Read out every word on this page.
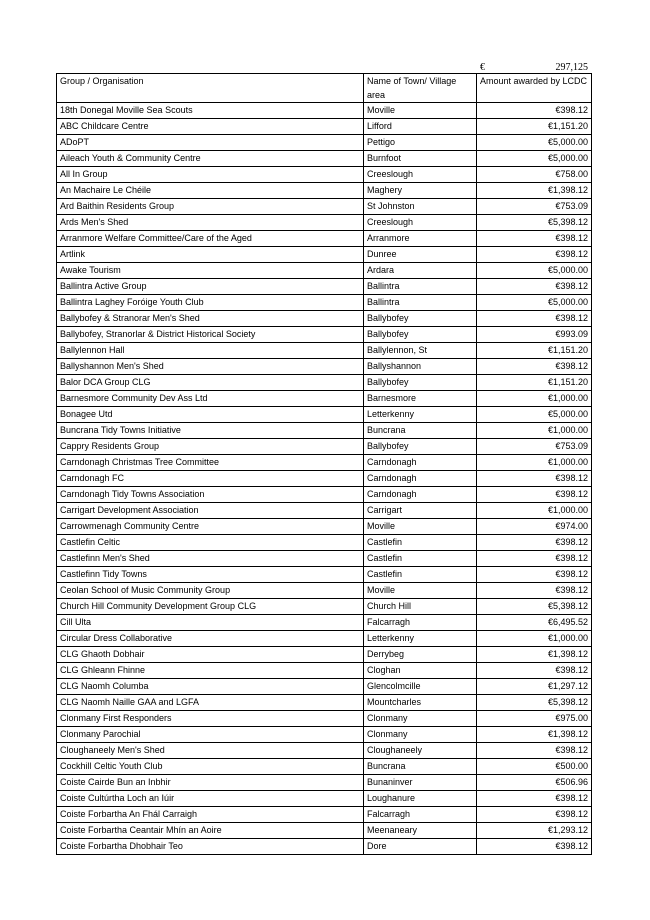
€	297,125
Group / Organisation	Name of Town/ Village area	Amount awarded by LCDC
18th Donegal Moville Sea Scouts	Moville	€398.12
ABC Childcare Centre	Lifford	€1,151.20
ADoPT	Pettigo	€5,000.00
Aileach Youth & Community Centre	Burnfoot	€5,000.00
All In Group	Creeslough	€758.00
An Machaire Le Chéile	Maghery	€1,398.12
Ard Baithin Residents Group	St Johnston	€753.09
Ards Men's Shed	Creeslough	€5,398.12
Arranmore Welfare Committee/Care of the Aged	Arranmore	€398.12
Artlink	Dunree	€398.12
Awake Tourism	Ardara	€5,000.00
Ballintra Active Group	Ballintra	€398.12
Ballintra Laghey Foróige Youth Club	Ballintra	€5,000.00
Ballybofey & Stranorar Men's Shed	Ballybofey	€398.12
Ballybofey, Stranorlar & District Historical Society	Ballybofey	€993.09
Ballylennon Hall	Ballylennon, St	€1,151.20
Ballyshannon Men's Shed	Ballyshannon	€398.12
Balor DCA Group CLG	Ballybofey	€1,151.20
Barnesmore Community Dev Ass Ltd	Barnesmore	€1,000.00
Bonagee Utd	Letterkenny	€5,000.00
Buncrana Tidy Towns Initiative	Buncrana	€1,000.00
Cappry Residents Group	Ballybofey	€753.09
Carndonagh Christmas Tree Committee	Carndonagh	€1,000.00
Carndonagh FC	Carndonagh	€398.12
Carndonagh Tidy Towns Association	Carndonagh	€398.12
Carrigart Development Association	Carrigart	€1,000.00
Carrowmenagh Community Centre	Moville	€974.00
Castlefin Celtic	Castlefin	€398.12
Castlefinn Men's Shed	Castlefin	€398.12
Castlefinn Tidy Towns	Castlefin	€398.12
Ceolan School of Music Community Group	Moville	€398.12
Church Hill Community Development Group CLG	Church Hill	€5,398.12
Cill Ulta	Falcarragh	€6,495.52
Circular Dress Collaborative	Letterkenny	€1,000.00
CLG Ghaoth Dobhair	Derrybeg	€1,398.12
CLG Ghleann Fhinne	Cloghan	€398.12
CLG Naomh Columba	Glencolmcille	€1,297.12
CLG Naomh Naille GAA and LGFA	Mountcharles	€5,398.12
Clonmany First Responders	Clonmany	€975.00
Clonmany Parochial	Clonmany	€1,398.12
Cloughaneely Men's Shed	Cloughaneely	€398.12
Cockhill Celtic Youth Club	Buncrana	€500.00
Coiste Cairde Bun an Inbhir	Bunaninver	€506.96
Coiste Cultúrtha Loch an Iúir	Loughanure	€398.12
Coiste Forbartha An Fhál Carraigh	Falcarragh	€398.12
Coiste Forbartha Ceantair Mhín an Aoire	Meenaneary	€1,293.12
Coiste Forbartha Dhobhair Teo	Dore	€398.12
